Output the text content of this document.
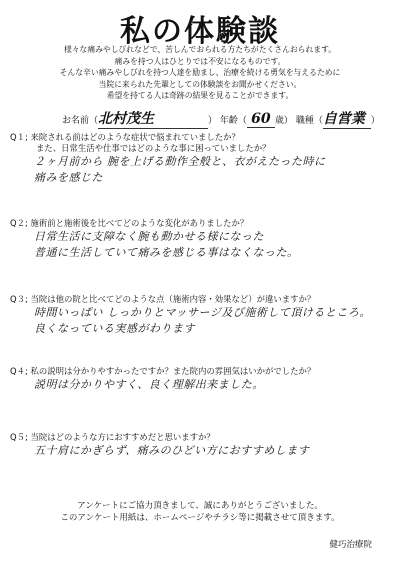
私の体験談
様々な痛みやしびれなどで、苦しんでおられる方たちがたくさんおられます。
痛みを持つ人はひとりでは不安になるものです。
そんな辛い痛みやしびれを持つ人達を励まし、治療を続ける勇気を与えるために
当院に来られた先輩としての体験談をお聞かせください。
希望を持てる人は奇跡の結果を見ることができます。
お名前（北村茂生	） 年齢（ 60 歳） 職種（自営業 ）
Q１; 来院される前はどのような症状で悩まれていましたか？
また、日常生活や仕事ではどのような事に困っていましたか？
２ヶ月前から 腕を上げる動作全般と、衣がえたった時に
痛みを感じた
Q２; 施術前と施術後を比べてどのような変化がありましたか？
日常生活に支障なく腕も動かせる様になった
普通に生活していて痛みを感じる事はなくなった。
Q３; 当院は他の院と比べてどのような点（施術内容・効果など）が違いますか？
時間いっぱい しっかりとマッサージ及び施術して頂けるところ。
良くなっている実感がわります
Q４; 私の説明は分かりやすかったですか？また院内の雰囲気はいかがでしたか？
説明は分かりやすく、良く理解出来ました。
Q５; 当院はどのような方におすすめだと思いますか？
五十肩にかぎらず、痛みのひどい方におすすめします
アンケートにご協力頂きまして、誠にありがとうございました。
このアンケート用紙は、ホームページやチラシ等に掲載させて頂きます。
健巧治療院
